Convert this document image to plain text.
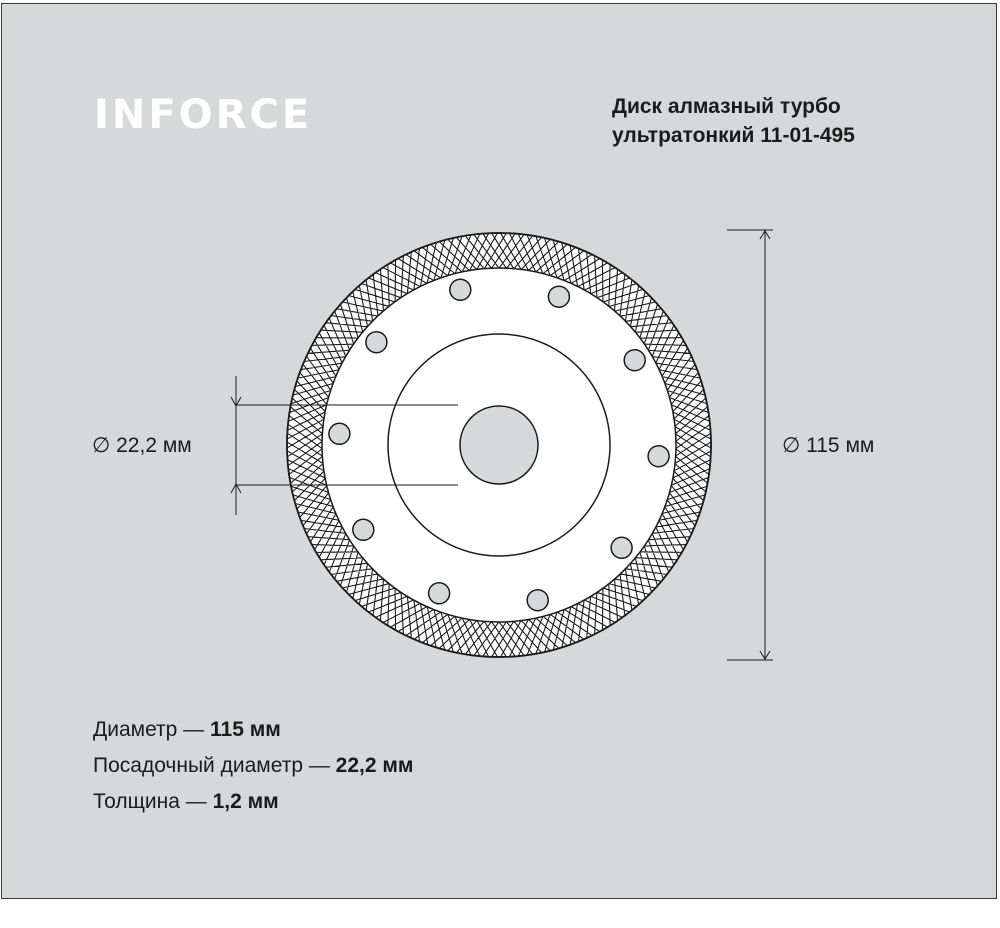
INFORCE	Диск алмазный турбо
ультратонкий 11-01-495
∅ 22,2 мм	∅ 115 мм
Диаметр — 115 мм
Посадочный диаметр — 22,2 мм
Толщина — 1,2 мм
